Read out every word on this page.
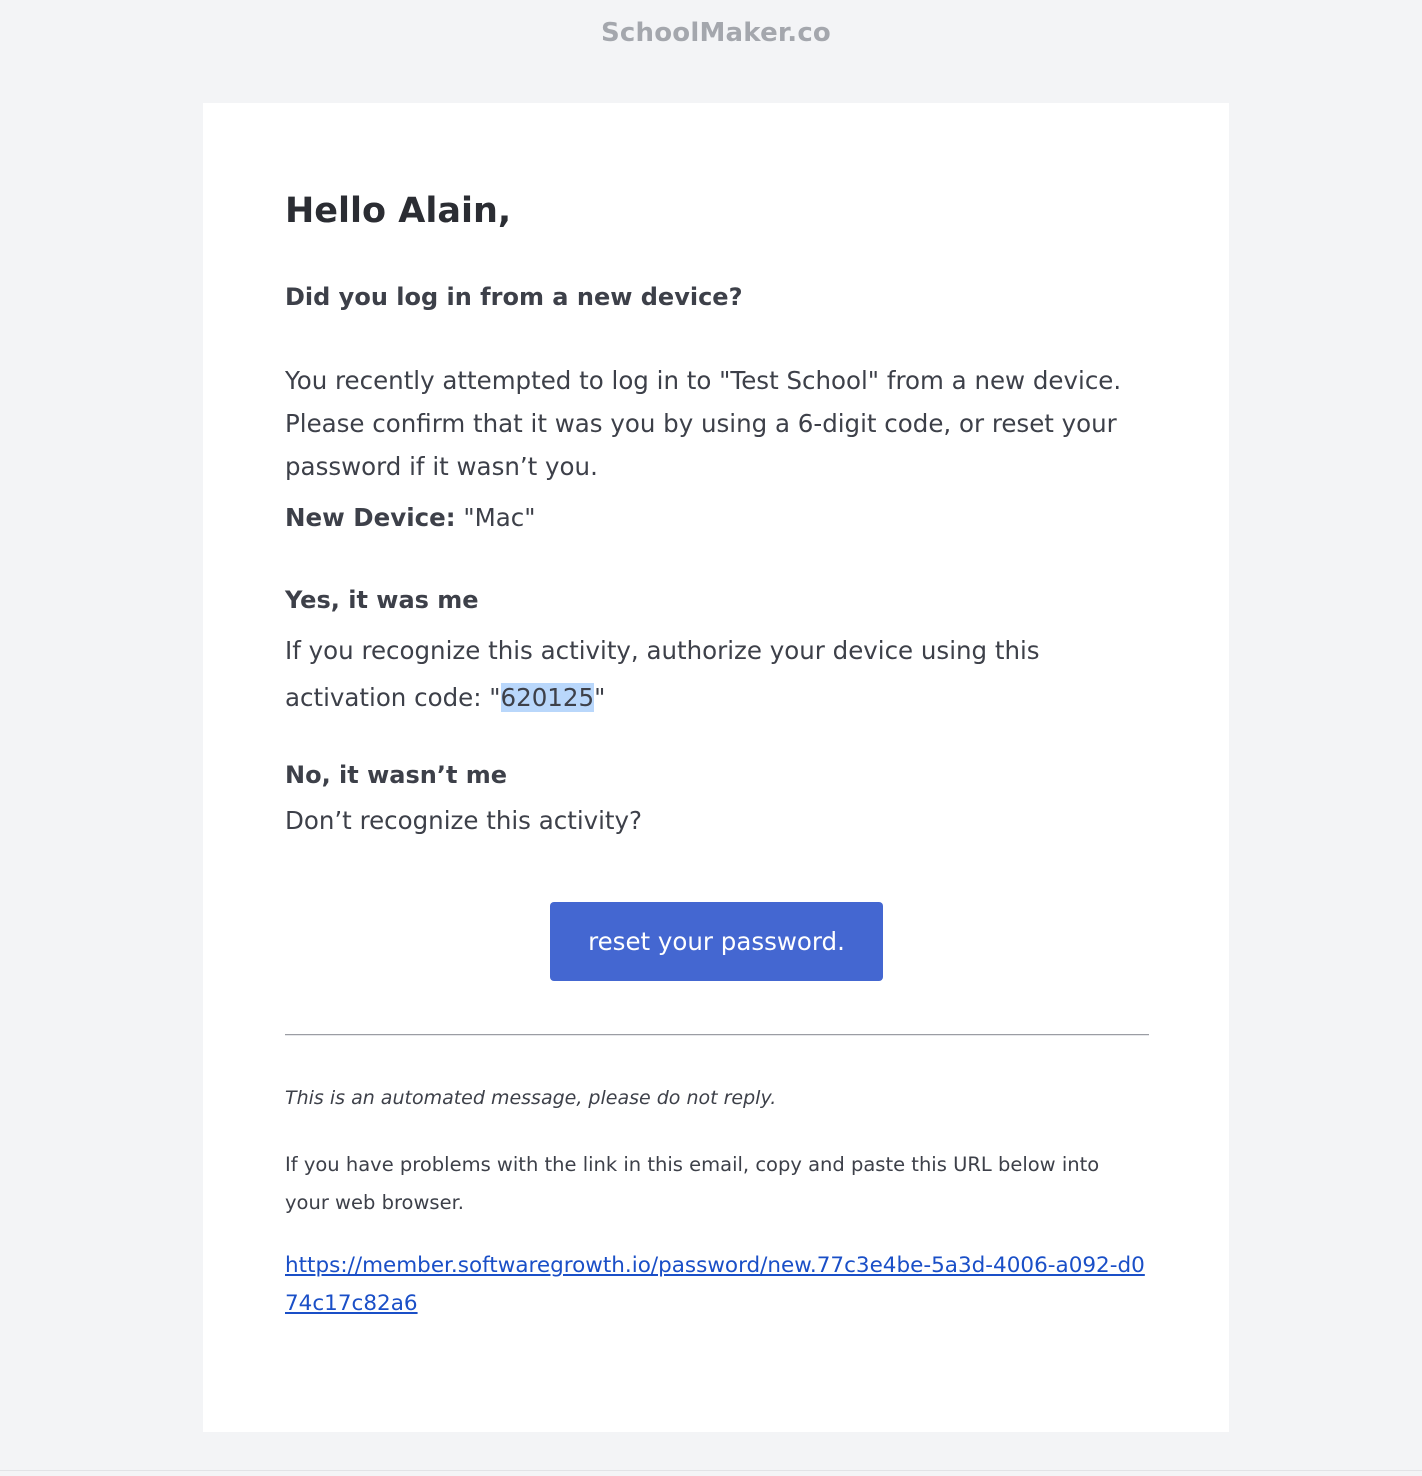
SchoolMaker.co
Hello Alain,
Did you log in from a new device?
You recently attempted to log in to "Test School" from a new device. Please confirm that it was you by using a 6-digit code, or reset your password if it wasn’t you.
New Device: "Mac"
Yes, it was me
If you recognize this activity, authorize your device using this activation code: "620125"
No, it wasn’t me
Don’t recognize this activity?
reset your password.
This is an automated message, please do not reply.
If you have problems with the link in this email, copy and paste this URL below into your web browser.
https://member.softwaregrowth.io/password/new.77c3e4be-5a3d-4006-a092-d074c17c82a6
